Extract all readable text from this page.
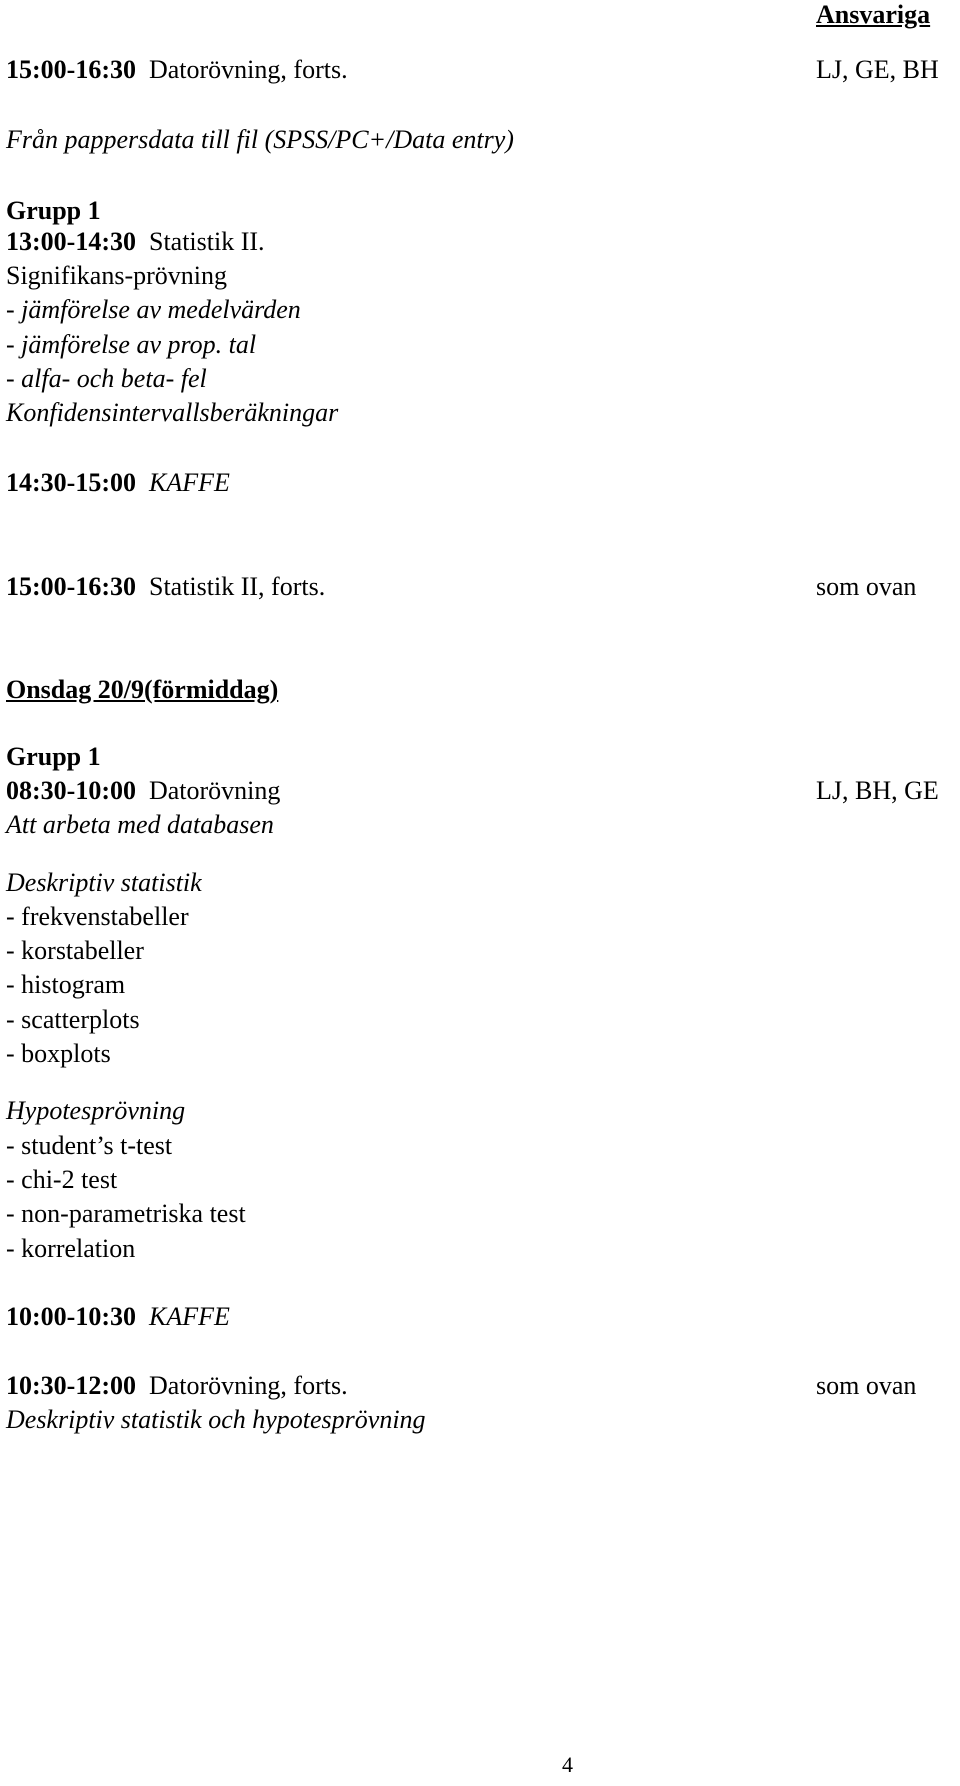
Ansvariga
15:00-16:30 Datorövning, forts.	LJ, GE, BH
Från pappersdata till fil (SPSS/PC+/Data entry)
Grupp 1
13:00-14:30 Statistik II.
Signifikans-prövning
- jämförelse av medelvärden
- jämförelse av prop. tal
- alfa- och beta- fel
Konfidensintervallsberäkningar
14:30-15:00 KAFFE
15:00-16:30 Statistik II, forts.	som ovan
Onsdag 20/9(förmiddag)
Grupp 1
08:30-10:00 Datorövning	LJ, BH, GE
Att arbeta med databasen
Deskriptiv statistik
- frekvenstabeller
- korstabeller
- histogram
- scatterplots
- boxplots
Hypotesprövning
- student’s t-test
- chi-2 test
- non-parametriska test
- korrelation
10:00-10:30 KAFFE
10:30-12:00 Datorövning, forts.	som ovan
Deskriptiv statistik och hypotesprövning
4
